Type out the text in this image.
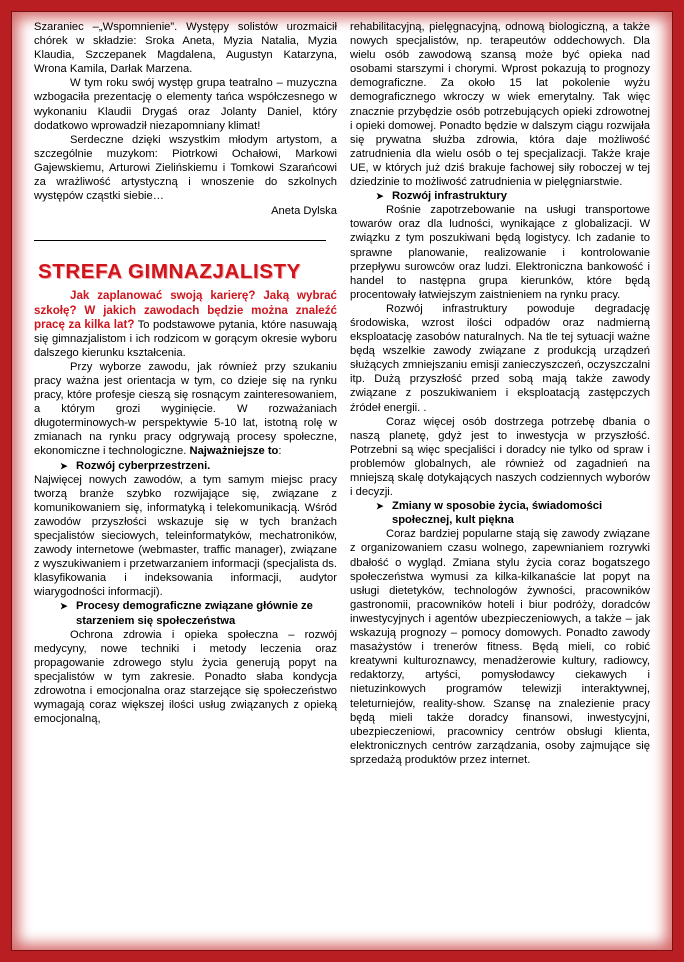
Szaraniec –„Wspomnienie”. Występy solistów urozmaicił chórek w składzie: Sroka Aneta, Myzia Natalia, Myzia Klaudia, Szczepanek Magdalena, Augustyn Katarzyna, Wrona Kamila, Darłak Marzena.

W tym roku swój występ grupa teatralno – muzyczna wzbogaciła prezentację o elementy tańca współczesnego w wykonaniu Klaudii Drygaś oraz Jolanty Daniel, który dodatkowo wprowadził niezapomniany klimat!

Serdeczne dzięki wszystkim młodym artystom, a szczególnie muzykom: Piotrkowi Ochałowi, Markowi Gajewskiemu, Arturowi Zielińskiemu i Tomkowi Szarańcowi za wrażliwość artystyczną i wnoszenie do szkolnych występów cząstki siebie…

Aneta Dylska

STREFA GIMNAZJALISTY

Jak zaplanować swoją karierę? Jaką wybrać szkołę? W jakich zawodach będzie można znaleźć pracę za kilka lat? To podstawowe pytania, które nasuwają się gimnazjalistom i ich rodzicom w gorącym okresie wyboru dalszego kierunku kształcenia.

Przy wyborze zawodu, jak również przy szukaniu pracy ważna jest orientacja w tym, co dzieje się na rynku pracy, które profesje cieszą się rosnącym zainteresowaniem, a którym grozi wyginięcie. W rozważaniach długoterminowych-w perspektywie 5-10 lat, istotną rolę w zmianach na rynku pracy odgrywają procesy społeczne, ekonomiczne i technologiczne. Najważniejsze to:

➤ Rozwój cyberprzestrzeni.

Najwięcej nowych zawodów, a tym samym miejsc pracy tworzą branże szybko rozwijające się, związane z komunikowaniem się, informatyką i telekomunikacją. Wśród zawodów przyszłości wskazuje się w tych branżach specjalistów sieciowych, teleinformatyków, mechatroników, zawody internetowe (webmaster, traffic manager), związane z wyszukiwaniem i przetwarzaniem informacji (specjalista ds. klasyfikowania i indeksowania informacji, audytor wiarygodności informacji).

➤ Procesy demograficzne związane głównie ze starzeniem się społeczeństwa

Ochrona zdrowia i opieka społeczna – rozwój medycyny, nowe techniki i metody leczenia oraz propagowanie zdrowego stylu życia generują popyt na specjalistów w tym zakresie. Ponadto słaba kondycja zdrowotna i emocjonalna oraz starzejące się społeczeństwo wymagają coraz większej ilości usług związanych z opieką emocjonalną,

rehabilitacyjną, pielęgnacyjną, odnową biologiczną, a także nowych specjalistów, np. terapeutów oddechowych. Dla wielu osób zawodową szansą może być opieka nad osobami starszymi i chorymi. Wprost pokazują to prognozy demograficzne. Za około 15 lat pokolenie wyżu demograficznego wkroczy w wiek emerytalny. Tak więc znacznie przybędzie osób potrzebujących opieki zdrowotnej i opieki domowej. Ponadto będzie w dalszym ciągu rozwijała się prywatna służba zdrowia, która daje możliwość zatrudnienia dla wielu osób o tej specjalizacji. Także kraje UE, w których już dziś brakuje fachowej siły roboczej w tej dziedzinie to możliwość zatrudnienia w pielęgniarstwie.

➤ Rozwój infrastruktury

Rośnie zapotrzebowanie na usługi transportowe towarów oraz dla ludności, wynikające z globalizacji. W związku z tym poszukiwani będą logistycy. Ich zadanie to sprawne planowanie, realizowanie i kontrolowanie przepływu surowców oraz ludzi. Elektroniczna bankowość i handel to następna grupa kierunków, które będą procentowały łatwiejszym zaistnieniem na rynku pracy.

Rozwój infrastruktury powoduje degradację środowiska, wzrost ilości odpadów oraz nadmierną eksploatację zasobów naturalnych. Na tle tej sytuacji ważne będą wszelkie zawody związane z produkcją urządzeń służących zmniejszaniu emisji zanieczyszczeń, oczyszczalni itp. Dużą przyszłość przed sobą mają także zawody związane z poszukiwaniem i eksploatacją zastępczych źródeł energii. .

Coraz więcej osób dostrzega potrzebę dbania o naszą planetę, gdyż jest to inwestycja w przyszłość. Potrzebni są więc specjaliści i doradcy nie tylko od spraw i problemów globalnych, ale również od zagadnień na mniejszą skalę dotykających naszych codziennych wyborów i decyzji.

➤ Zmiany w sposobie życia, świadomości społecznej, kult piękna

Coraz bardziej popularne stają się zawody związane z organizowaniem czasu wolnego, zapewnianiem rozrywki dbałość o wygląd. Zmiana stylu życia coraz bogatszego społeczeństwa wymusi za kilka-kilkanaście lat popyt na usługi dietetyków, technologów żywności, pracowników gastronomii, pracowników hoteli i biur podróży, doradców inwestycyjnych i agentów ubezpieczeniowych, a także – jak wskazują prognozy – pomocy domowych. Ponadto zawody masażystów i trenerów fitness. Będą mieli, co robić kreatywni kulturoznawcy, menadżerowie kultury, radiowcy, redaktorzy, artyści, pomysłodawcy ciekawych i nietuzinkowych programów telewizji interaktywnej, teleturniejów, reality-show. Szansę na znalezienie pracy będą mieli także doradcy finansowi, inwestycyjni, ubezpieczeniowi, pracownicy centrów obsługi klienta, elektronicznych centrów zarządzania, osoby zajmujące się sprzedażą produktów przez internet.
